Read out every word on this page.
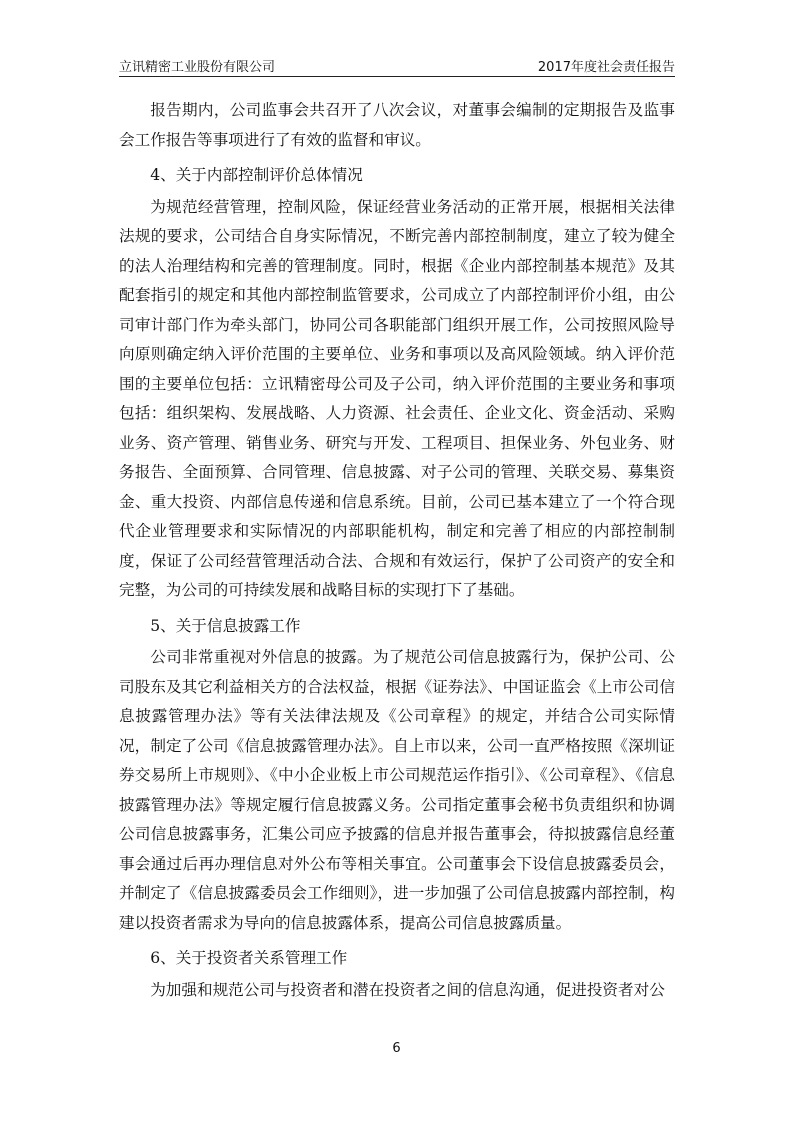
立讯精密工业股份有限公司	2017年度社会责任报告

报告期内，公司监事会共召开了八次会议，对董事会编制的定期报告及监事会工作报告等事项进行了有效的监督和审议。

4、关于内部控制评价总体情况

为规范经营管理，控制风险，保证经营业务活动的正常开展，根据相关法律法规的要求，公司结合自身实际情况，不断完善内部控制制度，建立了较为健全的法人治理结构和完善的管理制度。同时，根据《企业内部控制基本规范》及其配套指引的规定和其他内部控制监管要求，公司成立了内部控制评价小组，由公司审计部门作为牵头部门，协同公司各职能部门组织开展工作，公司按照风险导向原则确定纳入评价范围的主要单位、业务和事项以及高风险领域。纳入评价范围的主要单位包括：立讯精密母公司及子公司，纳入评价范围的主要业务和事项包括：组织架构、发展战略、人力资源、社会责任、企业文化、资金活动、采购业务、资产管理、销售业务、研究与开发、工程项目、担保业务、外包业务、财务报告、全面预算、合同管理、信息披露、对子公司的管理、关联交易、募集资金、重大投资、内部信息传递和信息系统。目前，公司已基本建立了一个符合现代企业管理要求和实际情况的内部职能机构，制定和完善了相应的内部控制制度，保证了公司经营管理活动合法、合规和有效运行，保护了公司资产的安全和完整，为公司的可持续发展和战略目标的实现打下了基础。

5、关于信息披露工作

公司非常重视对外信息的披露。为了规范公司信息披露行为，保护公司、公司股东及其它利益相关方的合法权益，根据《证券法》、中国证监会《上市公司信息披露管理办法》等有关法律法规及《公司章程》的规定，并结合公司实际情况，制定了公司《信息披露管理办法》。自上市以来，公司一直严格按照《深圳证券交易所上市规则》、《中小企业板上市公司规范运作指引》、《公司章程》、《信息披露管理办法》等规定履行信息披露义务。公司指定董事会秘书负责组织和协调公司信息披露事务，汇集公司应予披露的信息并报告董事会，待拟披露信息经董事会通过后再办理信息对外公布等相关事宜。公司董事会下设信息披露委员会，并制定了《信息披露委员会工作细则》，进一步加强了公司信息披露内部控制，构建以投资者需求为导向的信息披露体系，提高公司信息披露质量。

6、关于投资者关系管理工作

为加强和规范公司与投资者和潜在投资者之间的信息沟通，促进投资者对公

6
